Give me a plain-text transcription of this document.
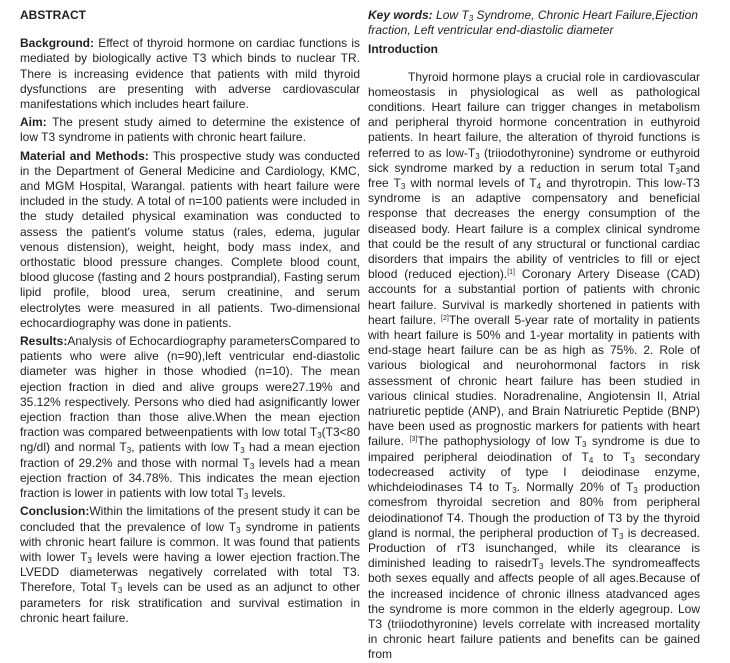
ABSTRACT

Background: Effect of thyroid hormone on cardiac functions is mediated by biologically active T3 which binds to nuclear TR. There is increasing evidence that patients with mild thyroid dysfunctions are presenting with adverse cardiovascular manifestations which includes heart failure.

Aim: The present study aimed to determine the existence of low T3 syndrome in patients with chronic heart failure.

Material and Methods: This prospective study was conducted in the Department of General Medicine and Cardiology, KMC, and MGM Hospital, Warangal. patients with heart failure were included in the study. A total of n=100 patients were included in the study detailed physical examination was conducted to assess the patient's volume status (rales, edema, jugular venous distension), weight, height, body mass index, and orthostatic blood pressure changes. Complete blood count, blood glucose (fasting and 2 hours postprandial), Fasting serum lipid profile, blood urea, serum creatinine, and serum electrolytes were measured in all patients. Two-dimensional echocardiography was done in patients.

Results:Analysis of Echocardiography parametersCompared to patients who were alive (n=90),left ventricular end-diastolic diameter was higher in those whodied (n=10). The mean ejection fraction in died and alive groups were27.19% and 35.12% respectively. Persons who died had asignificantly lower ejection fraction than those alive.When the mean ejection fraction was compared betweenpatients with low total $T_3(T3<80$ ng/dl) and normal $T_3$, patients with low $T_3$ had a mean ejection fraction of 29.2% and those with normal $T_3$ levels had a mean ejection fraction of 34.78%. This indicates the mean ejection fraction is lower in patients with low total $T_3$ levels.

Conclusion:Within the limitations of the present study it can be concluded that the prevalence of low $T_3$ syndrome in patients with chronic heart failure is common. It was found that patients with lower $T_3$ levels were having a lower ejection fraction.The LVEDD diameterwas negatively correlated with total T3. Therefore, Total $T_3$ levels can be used as an adjunct to other parameters for risk stratification and survival estimation in chronic heart failure.

Key words: Low $T_3$ Syndrome, Chronic Heart Failure,Ejection fraction, Left ventricular end-diastolic diameter

Introduction

Thyroid hormone plays a crucial role in cardiovascular homeostasis in physiological as well as pathological conditions. Heart failure can trigger changes in metabolism and peripheral thyroid hormone concentration in euthyroid patients. In heart failure, the alteration of thyroid functions is referred to as low-$T_3$ (triiodothyronine) syndrome or euthyroid sick syndrome marked by a reduction in serum total $T_3and$ free $T_3$ with normal levels of $T_4$ and thyrotropin. This low-T3 syndrome is an adaptive compensatory and beneficial response that decreases the energy consumption of the diseased body. Heart failure is a complex clinical syndrome that could be the result of any structural or functional cardiac disorders that impairs the ability of ventricles to fill or eject blood (reduced ejection).[1] Coronary Artery Disease (CAD) accounts for a substantial portion of patients with chronic heart failure. Survival is markedly shortened in patients with heart failure. [2]The overall 5-year rate of mortality in patients with heart failure is 50% and 1-year mortality in patients with end-stage heart failure can be as high as 75%. 2. Role of various biological and neurohormonal factors in risk assessment of chronic heart failure has been studied in various clinical studies. Noradrenaline, Angiotensin II, Atrial natriuretic peptide (ANP), and Brain Natriuretic Peptide (BNP) have been used as prognostic markers for patients with heart failure. [3]The pathophysiology of low $T_3$ syndrome is due to impaired peripheral deiodination of $T_4$ to $T_3$ secondary todecreased activity of type I deiodinase enzyme, whichdeiodinases T4 to $T_3$. Normally 20% of $T_3$ production comesfrom thyroidal secretion and 80% from peripheral deiodinationof T4. Though the production of T3 by the thyroid gland is normal, the peripheral production of $T_3$ is decreased. Production of rT3 isunchanged, while its clearance is diminished leading to raisedrT$_3$ levels.The syndromeaffects both sexes equally and affects people of all ages.Because of the increased incidence of chronic illness atadvanced ages the syndrome is more common in the elderly agegroup. Low T3 (triiodothyronine) levels correlate with increased mortality in chronic heart failure patients and benefits can be gained from
